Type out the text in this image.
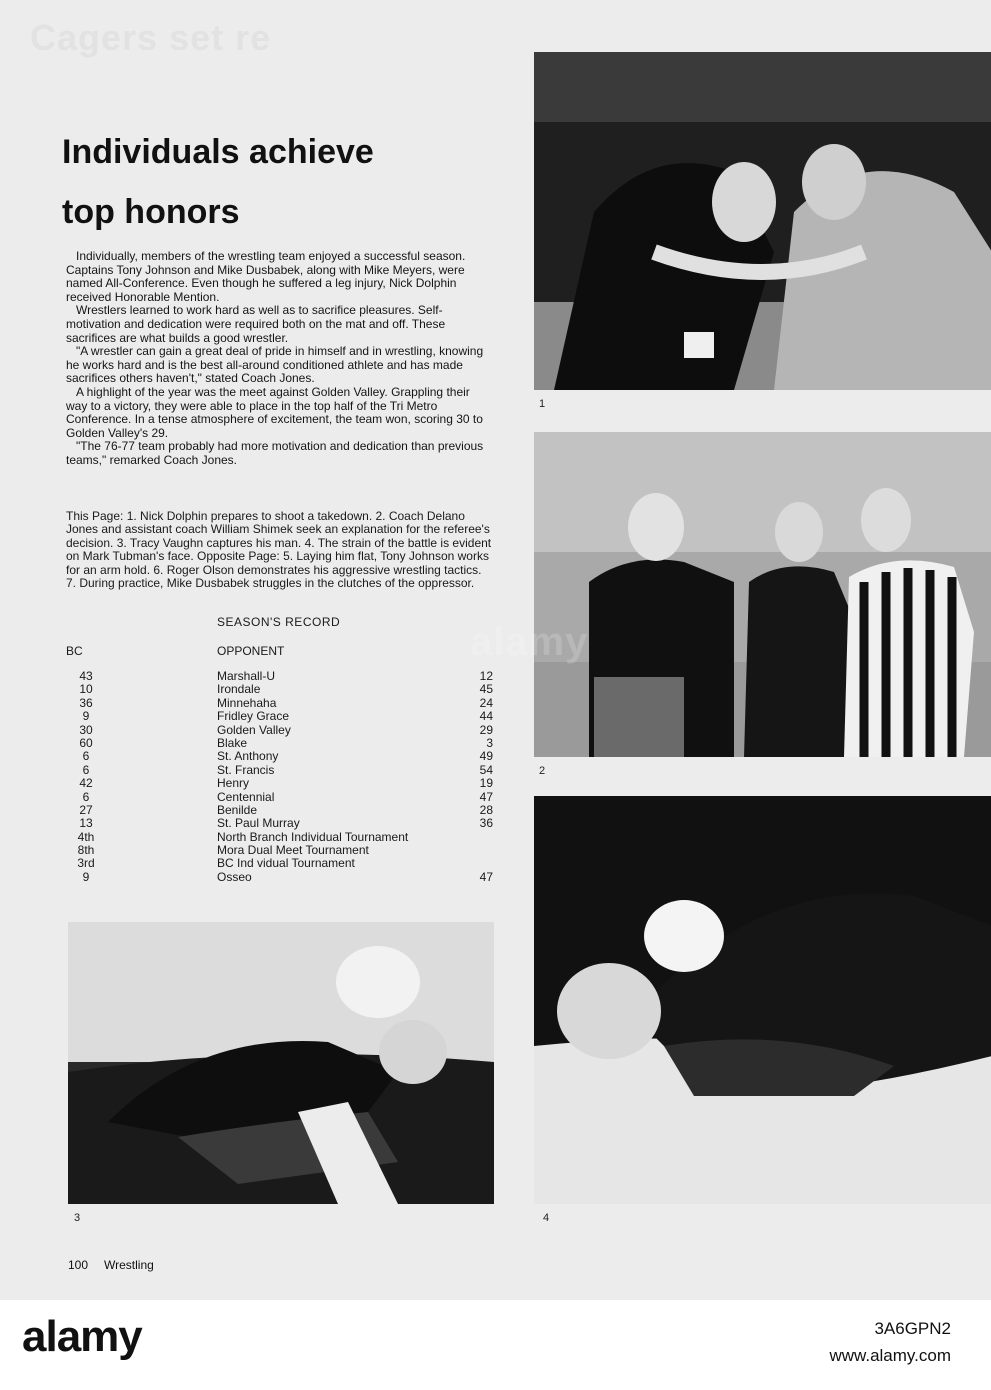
Cagers set re
Individuals achieve
top honors

Individually, members of the wrestling team enjoyed a successful season. Captains Tony Johnson and Mike Dusbabek, along with Mike Meyers, were named All-Conference. Even though he suffered a leg injury, Nick Dolphin received Honorable Mention.

Wrestlers learned to work hard as well as to sacrifice pleasures. Self-motivation and dedication were required both on the mat and off. These sacrifices are what builds a good wrestler.

"A wrestler can gain a great deal of pride in himself and in wrestling, knowing he works hard and is the best all-around conditioned athlete and has made sacrifices others haven't," stated Coach Jones.

A highlight of the year was the meet against Golden Valley. Grappling their way to a victory, they were able to place in the top half of the Tri Metro Conference. In a tense atmosphere of excitement, the team won, scoring 30 to Golden Valley's 29.

"The 76-77 team probably had more motivation and dedication than previous teams," remarked Coach Jones.

This Page: 1. Nick Dolphin prepares to shoot a takedown. 2. Coach Delano Jones and assistant coach William Shimek seek an explanation for the referee's decision. 3. Tracy Vaughn captures his man. 4. The strain of the battle is evident on Mark Tubman's face. Opposite Page: 5. Laying him flat, Tony Johnson works for an arm hold. 6. Roger Olson demonstrates his aggressive wrestling tactics. 7. During practice, Mike Dusbabek struggles in the clutches of the oppressor.
SEASON'S RECORD
BC	OPPONENT
43	Marshall-U	12
10	Irondale	45
36	Minnehaha	24
9	Fridley Grace	44
30	Golden Valley	29
60	Blake	3
6	St. Anthony	49
6	St. Francis	54
42	Henry	19
6	Centennial	47
27	Benilde	28
13	St. Paul Murray	36
4th	North Branch Individual Tournament
8th	Mora Dual Meet Tournament
3rd	BC Ind vidual Tournament
9	Osseo	47
1
2
3	4
alamy
100 Wrestling
alamy	3A6GPN2
www.alamy.com
